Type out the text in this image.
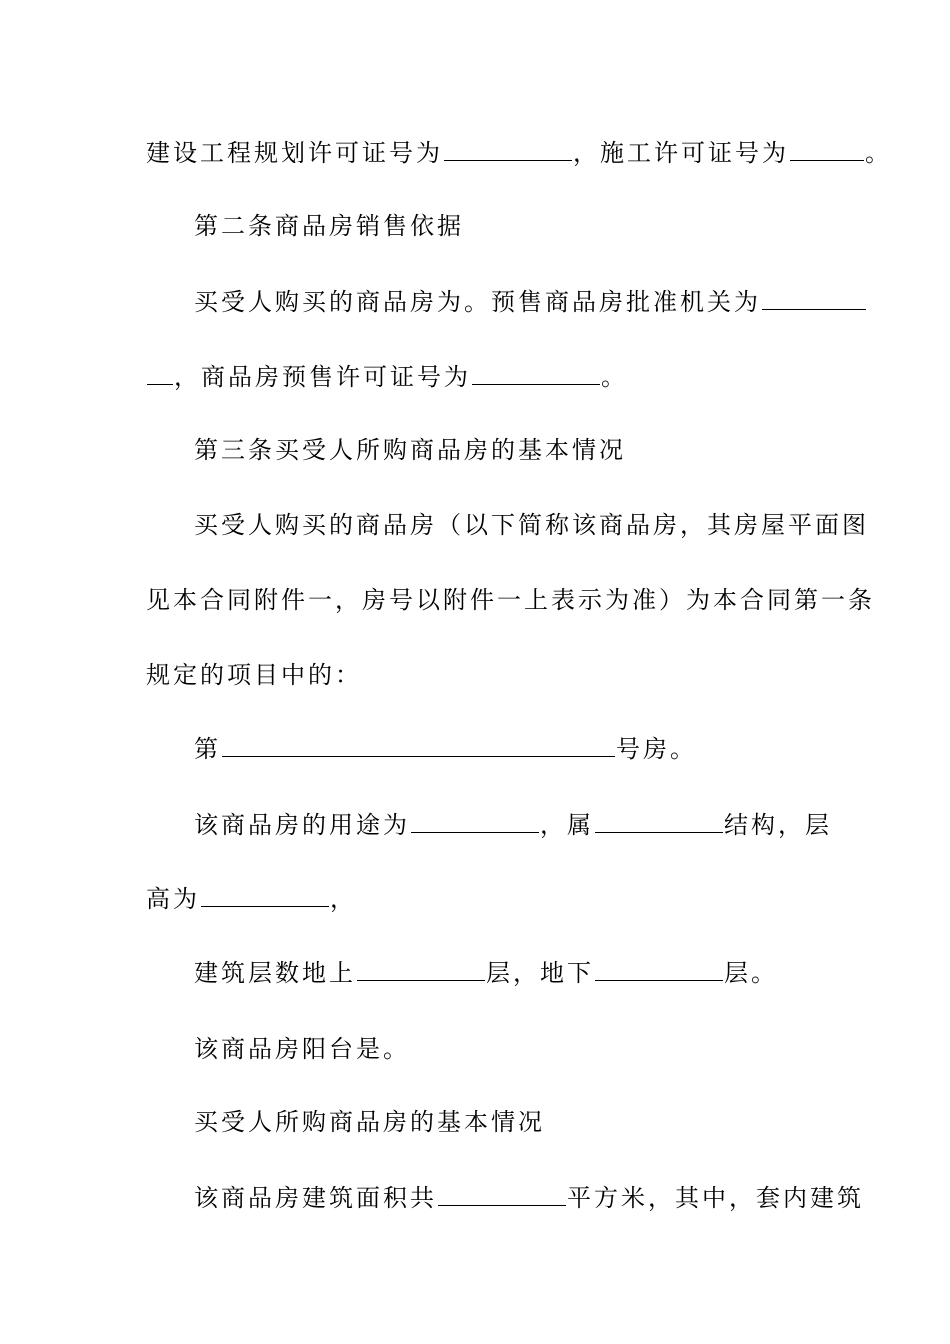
建设工程规划许可证号为	，施工许可证号为	。
第二条商品房销售依据
买受人购买的商品房为。预售商品房批准机关为
，商品房预售许可证号为	。
第三条买受人所购商品房的基本情况
买受人购买的商品房（以下简称该商品房，其房屋平面图
见本合同附件一，房号以附件一上表示为准）为本合同第一条
规定的项目中的：
第	号房。
该商品房的用途为	，属	结构，层
高为	，
建筑层数地上	层，地下	层。
该商品房阳台是。
买受人所购商品房的基本情况
该商品房建筑面积共	平方米，其中，套内建筑
